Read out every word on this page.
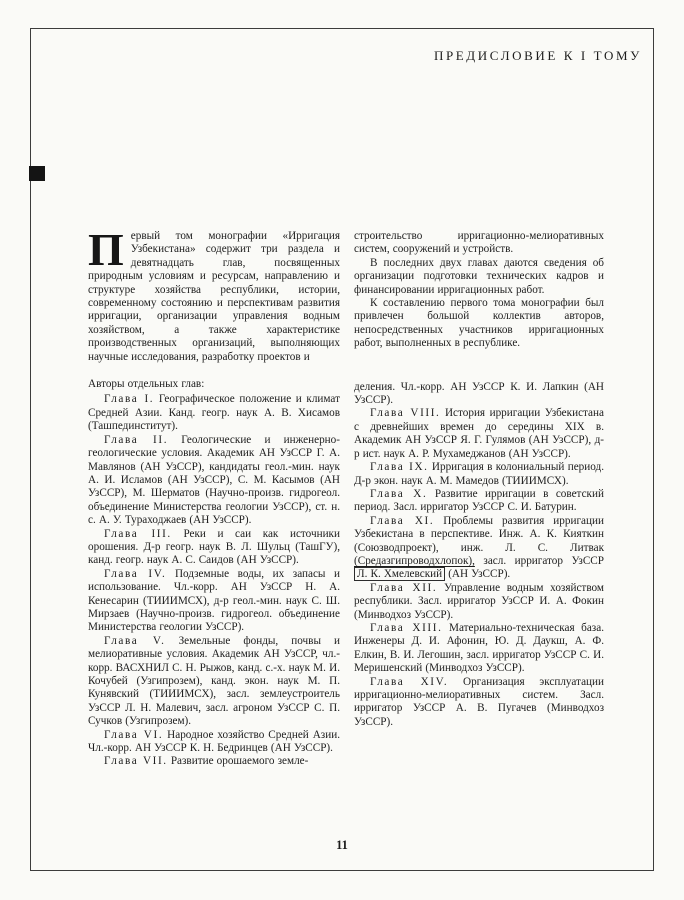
ПРЕДИСЛОВИЕ К I ТОМУ

Первый том монографии «Ирригация Узбекистана» содержит три раздела и девятнадцать глав, посвященных природным условиям и ресурсам, направлению и структуре хозяйства республики, истории, современному состоянию и перспективам развития ирригации, организации управления водным хозяйством, а также характеристике производственных организаций, выполняющих научные исследования, разработку проектов и

Авторы отдельных глав:

Глава I. Географическое положение и климат Средней Азии. Канд. геогр. наук А. В. Хисамов (Ташпединститут).

Глава II. Геологические и инженерно-геологические условия. Академик АН УзССР Г. А. Мавлянов (АН УзССР), кандидаты геол.-мин. наук А. И. Исламов (АН УзССР), С. М. Касымов (АН УзССР), М. Шерматов (Научно-произв. гидрогеол. объединение Министерства геологии УзССР), ст. н. с. А. У. Тураходжаев (АН УзССР).

Глава III. Реки и саи как источники орошения. Д-р геогр. наук В. Л. Шульц (ТашГУ), канд. геогр. наук А. С. Саидов (АН УзССР).

Глава IV. Подземные воды, их запасы и использование. Чл.-корр. АН УзССР Н. А. Кенесарин (ТИИИМСХ), д-р геол.-мин. наук С. Ш. Мирзаев (Научно-произв. гидрогеол. объединение Министерства геологии УзССР).

Глава V. Земельные фонды, почвы и мелиоративные условия. Академик АН УзССР, чл.-корр. ВАСХНИЛ С. Н. Рыжов, канд. с.-х. наук М. И. Кочубей (Узгипрозем), канд. экон. наук М. П. Кунявский (ТИИИМСХ), засл. землеустроитель УзССР Л. Н. Малевич, засл. агроном УзССР С. П. Сучков (Узгипрозем).

Глава VI. Народное хозяйство Средней Азии. Чл.-корр. АН УзССР К. Н. Бедринцев (АН УзССР).

Глава VII. Развитие орошаемого земле-

строительство ирригационно-мелиоративных систем, сооружений и устройств.

В последних двух главах даются сведения об организации подготовки технических кадров и финансировании ирригационных работ.

К составлению первого тома монографии был привлечен большой коллектив авторов, непосредственных участников ирригационных работ, выполненных в республике.

деления. Чл.-корр. АН УзССР К. И. Лапкин (АН УзССР).

Глава VIII. История ирригации Узбекистана с древнейших времен до середины XIX в. Академик АН УзССР Я. Г. Гулямов (АН УзССР), д-р ист. наук А. Р. Мухамеджанов (АН УзССР).

Глава IX. Ирригация в колониальный период. Д-р экон. наук А. М. Мамедов (ТИИИМСХ).

Глава X. Развитие ирригации в советский период. Засл. ирригатор УзССР С. И. Батурин.

Глава XI. Проблемы развития ирригации Узбекистана в перспективе. Инж. А. К. Кияткин (Союзводпроект), инж. Л. С. Литвак (Средазгипроводхлопок), засл. ирригатор УзССР Л. К. Хмелевский (АН УзССР).

Глава XII. Управление водным хозяйством республики. Засл. ирригатор УзССР И. А. Фокин (Минводхоз УзССР).

Глава XIII. Материально-техническая база. Инженеры Д. И. Афонин, Ю. Д. Даукш, А. Ф. Елкин, В. И. Легошин, засл. ирригатор УзССР С. И. Меришенский (Минводхоз УзССР).

Глава XIV. Организация эксплуатации ирригационно-мелиоративных систем. Засл. ирригатор УзССР А. В. Пугачев (Минводхоз УзССР).

11
